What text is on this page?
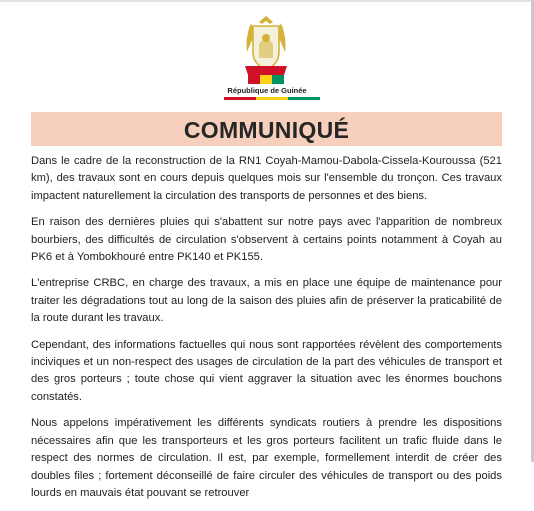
République de Guinée
COMMUNIQUÉ

Dans le cadre de la reconstruction de la RN1 Coyah-Mamou-Dabola-Cissela-Kouroussa (521 km), des travaux sont en cours depuis quelques mois sur l'ensemble du tronçon. Ces travaux impactent naturellement la circulation des transports de personnes et des biens.

En raison des dernières pluies qui s'abattent sur notre pays avec l'apparition de nombreux bourbiers, des difficultés de circulation s'observent à certains points notamment à Coyah au PK6 et à Yombokhouré entre PK140 et PK155.

L'entreprise CRBC, en charge des travaux, a mis en place une équipe de maintenance pour traiter les dégradations tout au long de la saison des pluies afin de préserver la praticabilité de la route durant les travaux.

Cependant, des informations factuelles qui nous sont rapportées révèlent des comportements inciviques et un non-respect des usages de circulation de la part des véhicules de transport et des gros porteurs ; toute chose qui vient aggraver la situation avec les énormes bouchons constatés.

Nous appelons impérativement les différents syndicats routiers à prendre les dispositions nécessaires afin que les transporteurs et les gros porteurs facilitent un trafic fluide dans le respect des normes de circulation. Il est, par exemple, formellement interdit de créer des doubles files ; fortement déconseillé de faire circuler des véhicules de transport ou des poids lourds en mauvais état pouvant se retrouver
